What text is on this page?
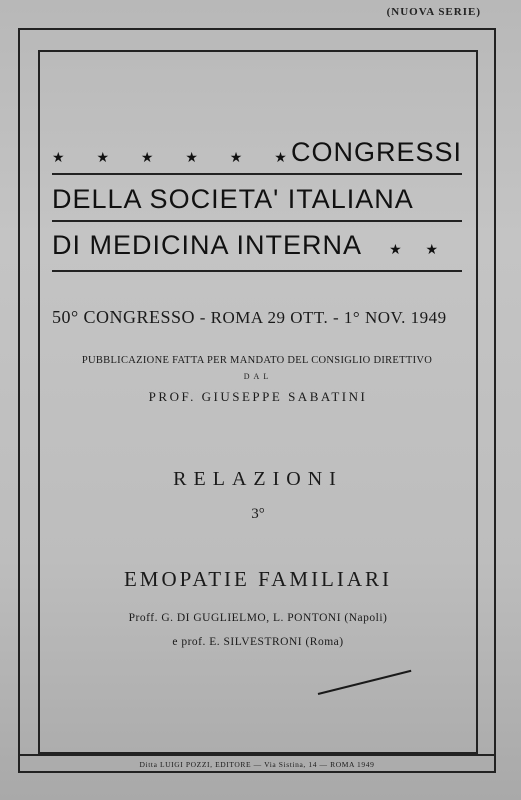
(NUOVA SERIE)
★ ★ ★ ★ ★ ★
CONGRESSI
DELLA SOCIETA' ITALIANA
DI MEDICINA INTERNA ★ ★
50° CONGRESSO - ROMA 29 OTT. - 1° NOV. 1949
PUBBLICAZIONE FATTA PER MANDATO DEL CONSIGLIO DIRETTIVO
DAL
PROF. GIUSEPPE SABATINI
RELAZIONI
3°
EMOPATIE FAMILIARI
Proff. G. DI GUGLIELMO, L. PONTONI (Napoli)
e prof. E. SILVESTRONI (Roma)
Ditta LUIGI POZZI, EDITORE — Via Sistina, 14 — ROMA 1949
